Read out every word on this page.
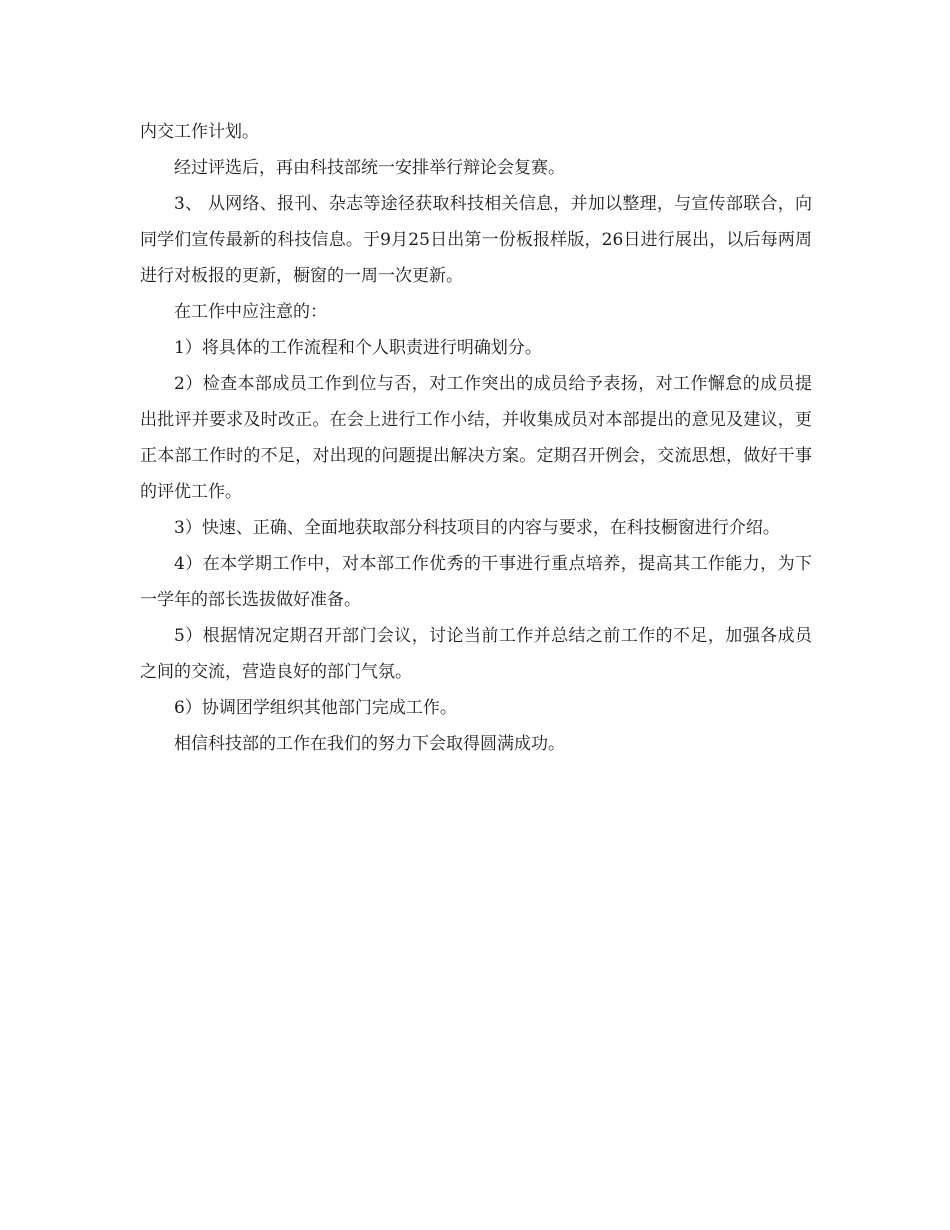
内交工作计划。

经过评选后，再由科技部统一安排举行辩论会复赛。

3、 从网络、报刊、杂志等途径获取科技相关信息，并加以整理，与宣传部联合，向同学们宣传最新的科技信息。于9月25日出第一份板报样版，26日进行展出，以后每两周进行对板报的更新，橱窗的一周一次更新。

在工作中应注意的：

1）将具体的工作流程和个人职责进行明确划分。

2）检查本部成员工作到位与否，对工作突出的成员给予表扬，对工作懈怠的成员提出批评并要求及时改正。在会上进行工作小结，并收集成员对本部提出的意见及建议，更正本部工作时的不足，对出现的问题提出解决方案。定期召开例会，交流思想，做好干事的评优工作。

3）快速、正确、全面地获取部分科技项目的内容与要求，在科技橱窗进行介绍。

4）在本学期工作中，对本部工作优秀的干事进行重点培养，提高其工作能力，为下一学年的部长选拔做好准备。

5）根据情况定期召开部门会议，讨论当前工作并总结之前工作的不足，加强各成员之间的交流，营造良好的部门气氛。

6）协调团学组织其他部门完成工作。

相信科技部的工作在我们的努力下会取得圆满成功。
